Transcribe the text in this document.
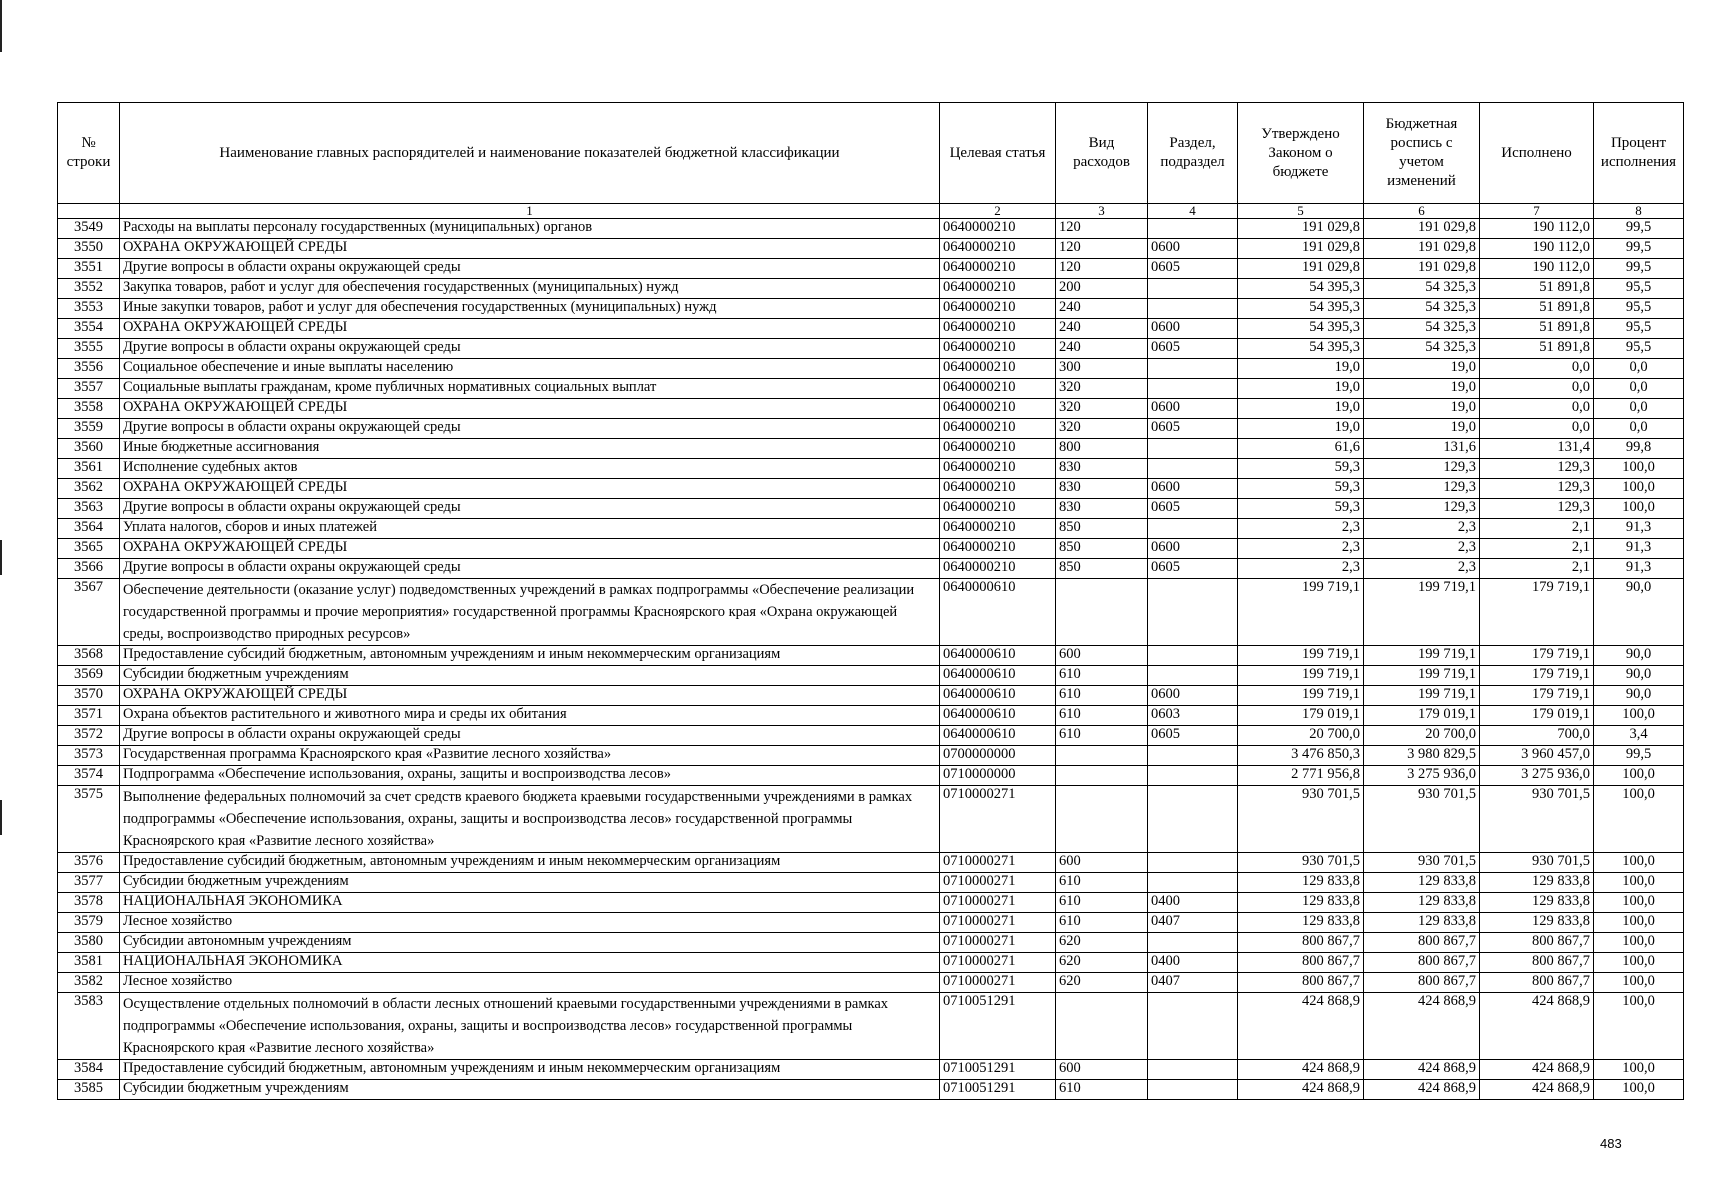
№ строки	Наименование главных распорядителей и наименование показателей бюджетной классификации	Целевая статья	Вид расходов	Раздел, подраздел	Утверждено Законом о бюджете	Бюджетная роспись с учетом изменений	Исполнено	Процент исполнения
	1	2	3	4	5	6	7	8
3549	Расходы на выплаты персоналу государственных (муниципальных) органов	0640000210	120		191 029,8	191 029,8	190 112,0	99,5
3550	ОХРАНА ОКРУЖАЮЩЕЙ СРЕДЫ	0640000210	120	0600	191 029,8	191 029,8	190 112,0	99,5
3551	Другие вопросы в области охраны окружающей среды	0640000210	120	0605	191 029,8	191 029,8	190 112,0	99,5
3552	Закупка товаров, работ и услуг для обеспечения государственных (муниципальных) нужд	0640000210	200		54 395,3	54 325,3	51 891,8	95,5
3553	Иные закупки товаров, работ и услуг для обеспечения государственных (муниципальных) нужд	0640000210	240		54 395,3	54 325,3	51 891,8	95,5
3554	ОХРАНА ОКРУЖАЮЩЕЙ СРЕДЫ	0640000210	240	0600	54 395,3	54 325,3	51 891,8	95,5
3555	Другие вопросы в области охраны окружающей среды	0640000210	240	0605	54 395,3	54 325,3	51 891,8	95,5
3556	Социальное обеспечение и иные выплаты населению	0640000210	300		19,0	19,0	0,0	0,0
3557	Социальные выплаты гражданам, кроме публичных нормативных социальных выплат	0640000210	320		19,0	19,0	0,0	0,0
3558	ОХРАНА ОКРУЖАЮЩЕЙ СРЕДЫ	0640000210	320	0600	19,0	19,0	0,0	0,0
3559	Другие вопросы в области охраны окружающей среды	0640000210	320	0605	19,0	19,0	0,0	0,0
3560	Иные бюджетные ассигнования	0640000210	800		61,6	131,6	131,4	99,8
3561	Исполнение судебных актов	0640000210	830		59,3	129,3	129,3	100,0
3562	ОХРАНА ОКРУЖАЮЩЕЙ СРЕДЫ	0640000210	830	0600	59,3	129,3	129,3	100,0
3563	Другие вопросы в области охраны окружающей среды	0640000210	830	0605	59,3	129,3	129,3	100,0
3564	Уплата налогов, сборов и иных платежей	0640000210	850		2,3	2,3	2,1	91,3
3565	ОХРАНА ОКРУЖАЮЩЕЙ СРЕДЫ	0640000210	850	0600	2,3	2,3	2,1	91,3
3566	Другие вопросы в области охраны окружающей среды	0640000210	850	0605	2,3	2,3	2,1	91,3
3567	Обеспечение деятельности (оказание услуг) подведомственных учреждений в рамках подпрограммы «Обеспечение реализации государственной программы и прочие мероприятия» государственной программы Красноярского края «Охрана окружающей среды, воспроизводство природных ресурсов»	0640000610			199 719,1	199 719,1	179 719,1	90,0
3568	Предоставление субсидий бюджетным, автономным учреждениям и иным некоммерческим организациям	0640000610	600		199 719,1	199 719,1	179 719,1	90,0
3569	Субсидии бюджетным учреждениям	0640000610	610		199 719,1	199 719,1	179 719,1	90,0
3570	ОХРАНА ОКРУЖАЮЩЕЙ СРЕДЫ	0640000610	610	0600	199 719,1	199 719,1	179 719,1	90,0
3571	Охрана объектов растительного и животного мира и среды их обитания	0640000610	610	0603	179 019,1	179 019,1	179 019,1	100,0
3572	Другие вопросы в области охраны окружающей среды	0640000610	610	0605	20 700,0	20 700,0	700,0	3,4
3573	Государственная программа Красноярского края «Развитие лесного хозяйства»	0700000000			3 476 850,3	3 980 829,5	3 960 457,0	99,5
3574	Подпрограмма «Обеспечение использования, охраны, защиты и воспроизводства лесов»	0710000000			2 771 956,8	3 275 936,0	3 275 936,0	100,0
3575	Выполнение федеральных полномочий за счет средств краевого бюджета краевыми государственными учреждениями в рамках подпрограммы «Обеспечение использования, охраны, защиты и воспроизводства лесов» государственной программы Красноярского края «Развитие лесного хозяйства»	0710000271			930 701,5	930 701,5	930 701,5	100,0
3576	Предоставление субсидий бюджетным, автономным учреждениям и иным некоммерческим организациям	0710000271	600		930 701,5	930 701,5	930 701,5	100,0
3577	Субсидии бюджетным учреждениям	0710000271	610		129 833,8	129 833,8	129 833,8	100,0
3578	НАЦИОНАЛЬНАЯ ЭКОНОМИКА	0710000271	610	0400	129 833,8	129 833,8	129 833,8	100,0
3579	Лесное хозяйство	0710000271	610	0407	129 833,8	129 833,8	129 833,8	100,0
3580	Субсидии автономным учреждениям	0710000271	620		800 867,7	800 867,7	800 867,7	100,0
3581	НАЦИОНАЛЬНАЯ ЭКОНОМИКА	0710000271	620	0400	800 867,7	800 867,7	800 867,7	100,0
3582	Лесное хозяйство	0710000271	620	0407	800 867,7	800 867,7	800 867,7	100,0
3583	Осуществление отдельных полномочий в области лесных отношений краевыми государственными учреждениями в рамках подпрограммы «Обеспечение использования, охраны, защиты и воспроизводства лесов» государственной программы Красноярского края «Развитие лесного хозяйства»	0710051291			424 868,9	424 868,9	424 868,9	100,0
3584	Предоставление субсидий бюджетным, автономным учреждениям и иным некоммерческим организациям	0710051291	600		424 868,9	424 868,9	424 868,9	100,0
3585	Субсидии бюджетным учреждениям	0710051291	610		424 868,9	424 868,9	424 868,9	100,0
483
